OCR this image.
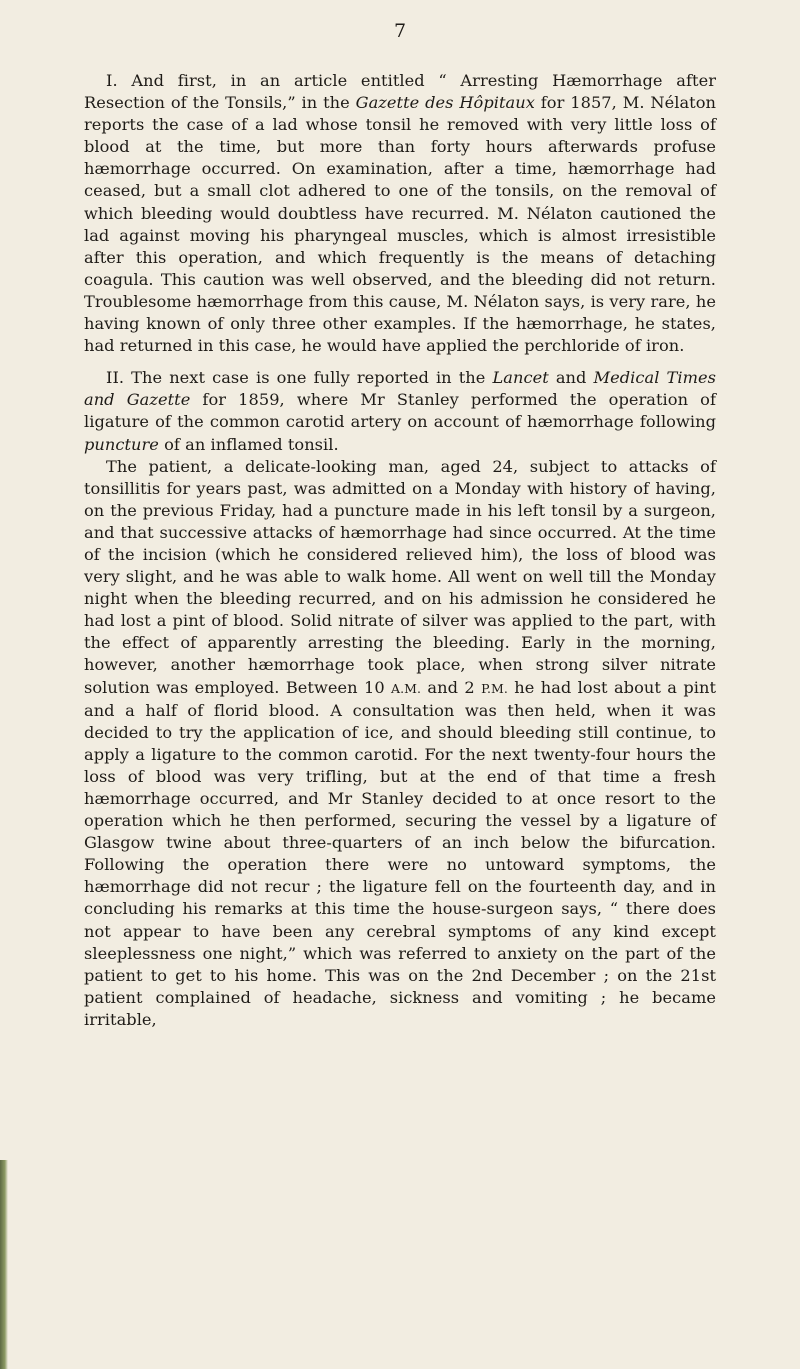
7

I. And first, in an article entitled “ Arresting Hæmorrhage after Resection of the Tonsils,” in the Gazette des Hôpitaux for 1857, M. Nélaton reports the case of a lad whose tonsil he removed with very little loss of blood at the time, but more than forty hours afterwards profuse hæmorrhage occurred. On examination, after a time, hæmorrhage had ceased, but a small clot adhered to one of the tonsils, on the removal of which bleeding would doubtless have recurred. M. Nélaton cautioned the lad against moving his pharyngeal muscles, which is almost irresistible after this operation, and which frequently is the means of detaching coagula. This caution was well observed, and the bleeding did not return. Troublesome hæmorrhage from this cause, M. Nélaton says, is very rare, he having known of only three other examples. If the hæmorrhage, he states, had returned in this case, he would have applied the perchloride of iron.

II. The next case is one fully reported in the Lancet and Medical Times and Gazette for 1859, where Mr Stanley performed the operation of ligature of the common carotid artery on account of hæmorrhage following puncture of an inflamed tonsil.

The patient, a delicate-looking man, aged 24, subject to attacks of tonsillitis for years past, was admitted on a Monday with history of having, on the previous Friday, had a puncture made in his left tonsil by a surgeon, and that successive attacks of hæmorrhage had since occurred. At the time of the incision (which he considered relieved him), the loss of blood was very slight, and he was able to walk home. All went on well till the Monday night when the bleeding recurred, and on his admission he considered he had lost a pint of blood. Solid nitrate of silver was applied to the part, with the effect of apparently arresting the bleeding. Early in the morning, however, another hæmorrhage took place, when strong silver nitrate solution was employed. Between 10 A.M. and 2 P.M. he had lost about a pint and a half of florid blood. A consultation was then held, when it was decided to try the application of ice, and should bleeding still continue, to apply a ligature to the common carotid. For the next twenty-four hours the loss of blood was very trifling, but at the end of that time a fresh hæmorrhage occurred, and Mr Stanley decided to at once resort to the operation which he then performed, securing the vessel by a ligature of Glasgow twine about three-quarters of an inch below the bifurcation. Following the operation there were no untoward symptoms, the hæmorrhage did not recur ; the ligature fell on the fourteenth day, and in concluding his remarks at this time the house-surgeon says, “ there does not appear to have been any cerebral symptoms of any kind except sleeplessness one night,” which was referred to anxiety on the part of the patient to get to his home. This was on the 2nd December ; on the 21st patient complained of headache, sickness and vomiting ; he became irritable,
